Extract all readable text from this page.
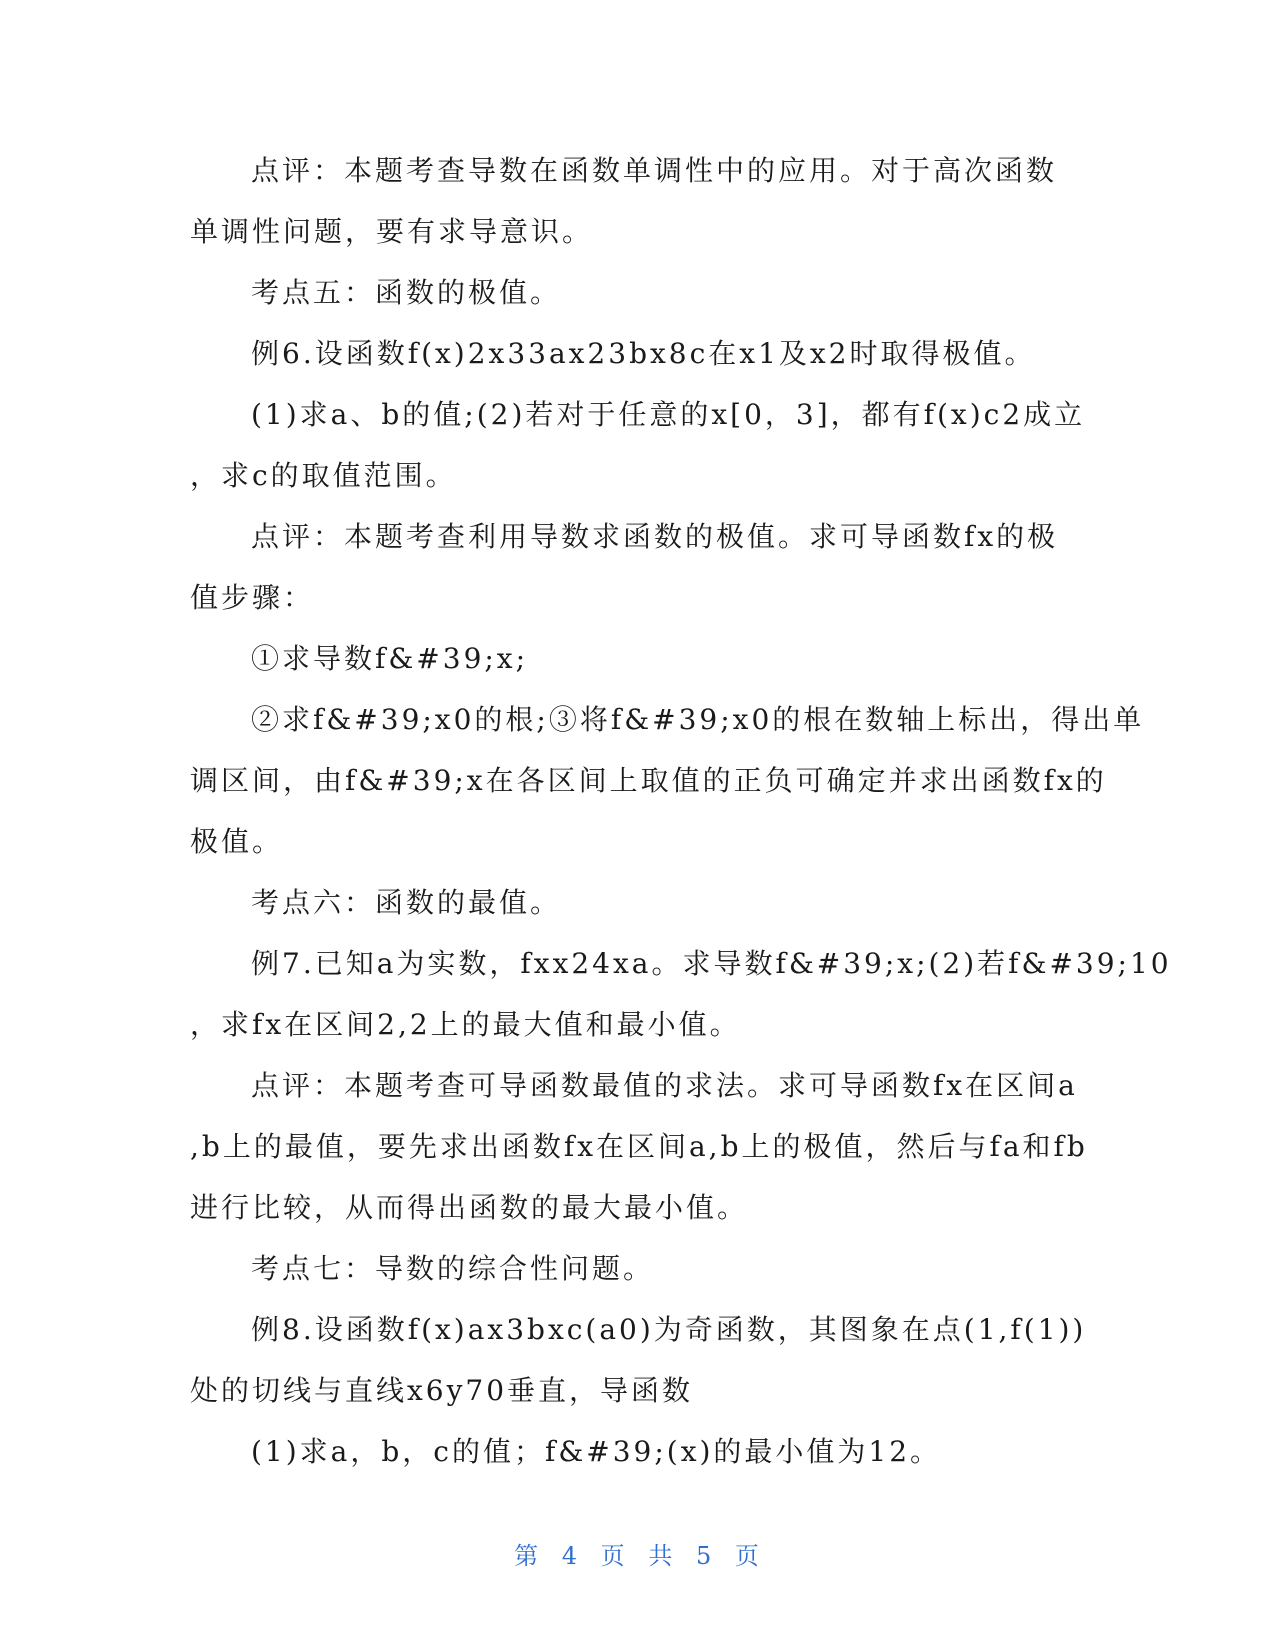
点评：本题考查导数在函数单调性中的应用。对于高次函数
单调性问题，要有求导意识。
考点五：函数的极值。
例6.设函数f(x)2x33ax23bx8c在x1及x2时取得极值。
(1)求a、b的值;(2)若对于任意的x[0，3]，都有f(x)c2成立
，求c的取值范围。
点评：本题考查利用导数求函数的极值。求可导函数fx的极
值步骤：
①求导数f&#39;x;
②求f&#39;x0的根;③将f&#39;x0的根在数轴上标出，得出单
调区间，由f&#39;x在各区间上取值的正负可确定并求出函数fx的
极值。
考点六：函数的最值。
例7.已知a为实数，fxx24xa。求导数f&#39;x;(2)若f&#39;10
，求fx在区间2,2上的最大值和最小值。
点评：本题考查可导函数最值的求法。求可导函数fx在区间a
,b上的最值，要先求出函数fx在区间a,b上的极值，然后与fa和fb
进行比较，从而得出函数的最大最小值。
考点七：导数的综合性问题。
例8.设函数f(x)ax3bxc(a0)为奇函数，其图象在点(1,f(1))
处的切线与直线x6y70垂直，导函数
(1)求a，b，c的值；f&#39;(x)的最小值为12。
第 4 页 共 5 页
